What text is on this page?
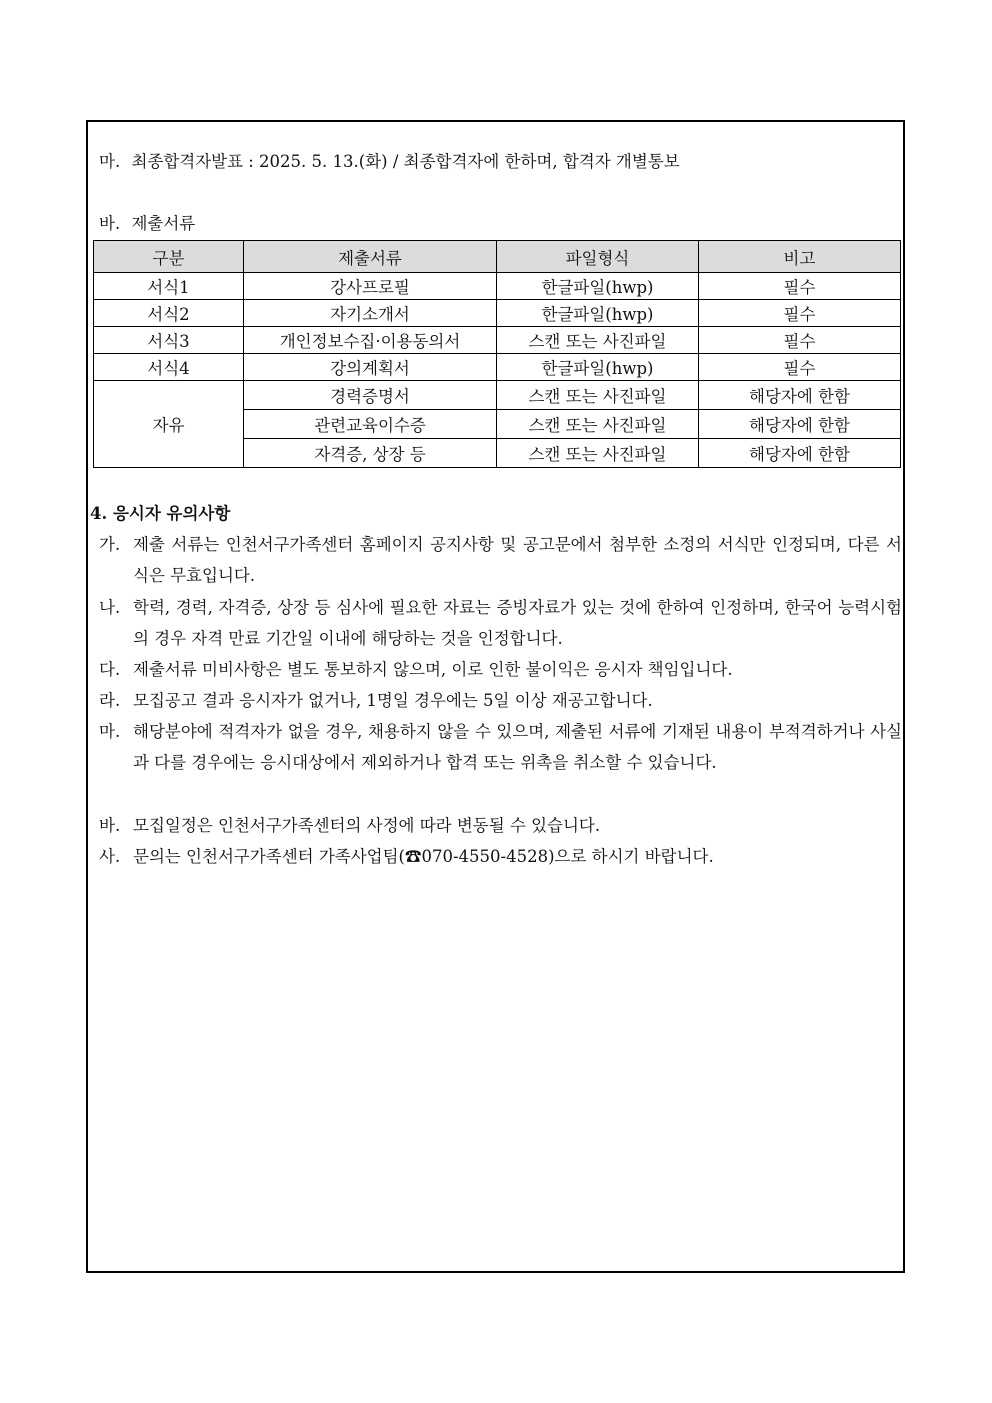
마. 최종합격자발표 : 2025. 5. 13.(화) / 최종합격자에 한하며, 합격자 개별통보
바. 제출서류
구분	제출서류	파일형식	비고
서식1	강사프로필	한글파일(hwp)	필수
서식2	자기소개서	한글파일(hwp)	필수
서식3	개인정보수집·이용동의서	스캔 또는 사진파일	필수
서식4	강의계획서	한글파일(hwp)	필수
자유	경력증명서	스캔 또는 사진파일	해당자에 한함
	관련교육이수증	스캔 또는 사진파일	해당자에 한함
	자격증, 상장 등	스캔 또는 사진파일	해당자에 한함
4. 응시자 유의사항
가. 제출 서류는 인천서구가족센터 홈페이지 공지사항 및 공고문에서 첨부한 소정의 서식만 인정되며, 다른 서식은 무효입니다.
나. 학력, 경력, 자격증, 상장 등 심사에 필요한 자료는 증빙자료가 있는 것에 한하여 인정하며, 한국어 능력시험의 경우 자격 만료 기간일 이내에 해당하는 것을 인정합니다.
다. 제출서류 미비사항은 별도 통보하지 않으며, 이로 인한 불이익은 응시자 책임입니다.
라. 모집공고 결과 응시자가 없거나, 1명일 경우에는 5일 이상 재공고합니다.
마. 해당분야에 적격자가 없을 경우, 채용하지 않을 수 있으며, 제출된 서류에 기재된 내용이 부적격하거나 사실과 다를 경우에는 응시대상에서 제외하거나 합격 또는 위촉을 취소할 수 있습니다.
바. 모집일정은 인천서구가족센터의 사정에 따라 변동될 수 있습니다.
사. 문의는 인천서구가족센터 가족사업팀(☎070-4550-4528)으로 하시기 바랍니다.
